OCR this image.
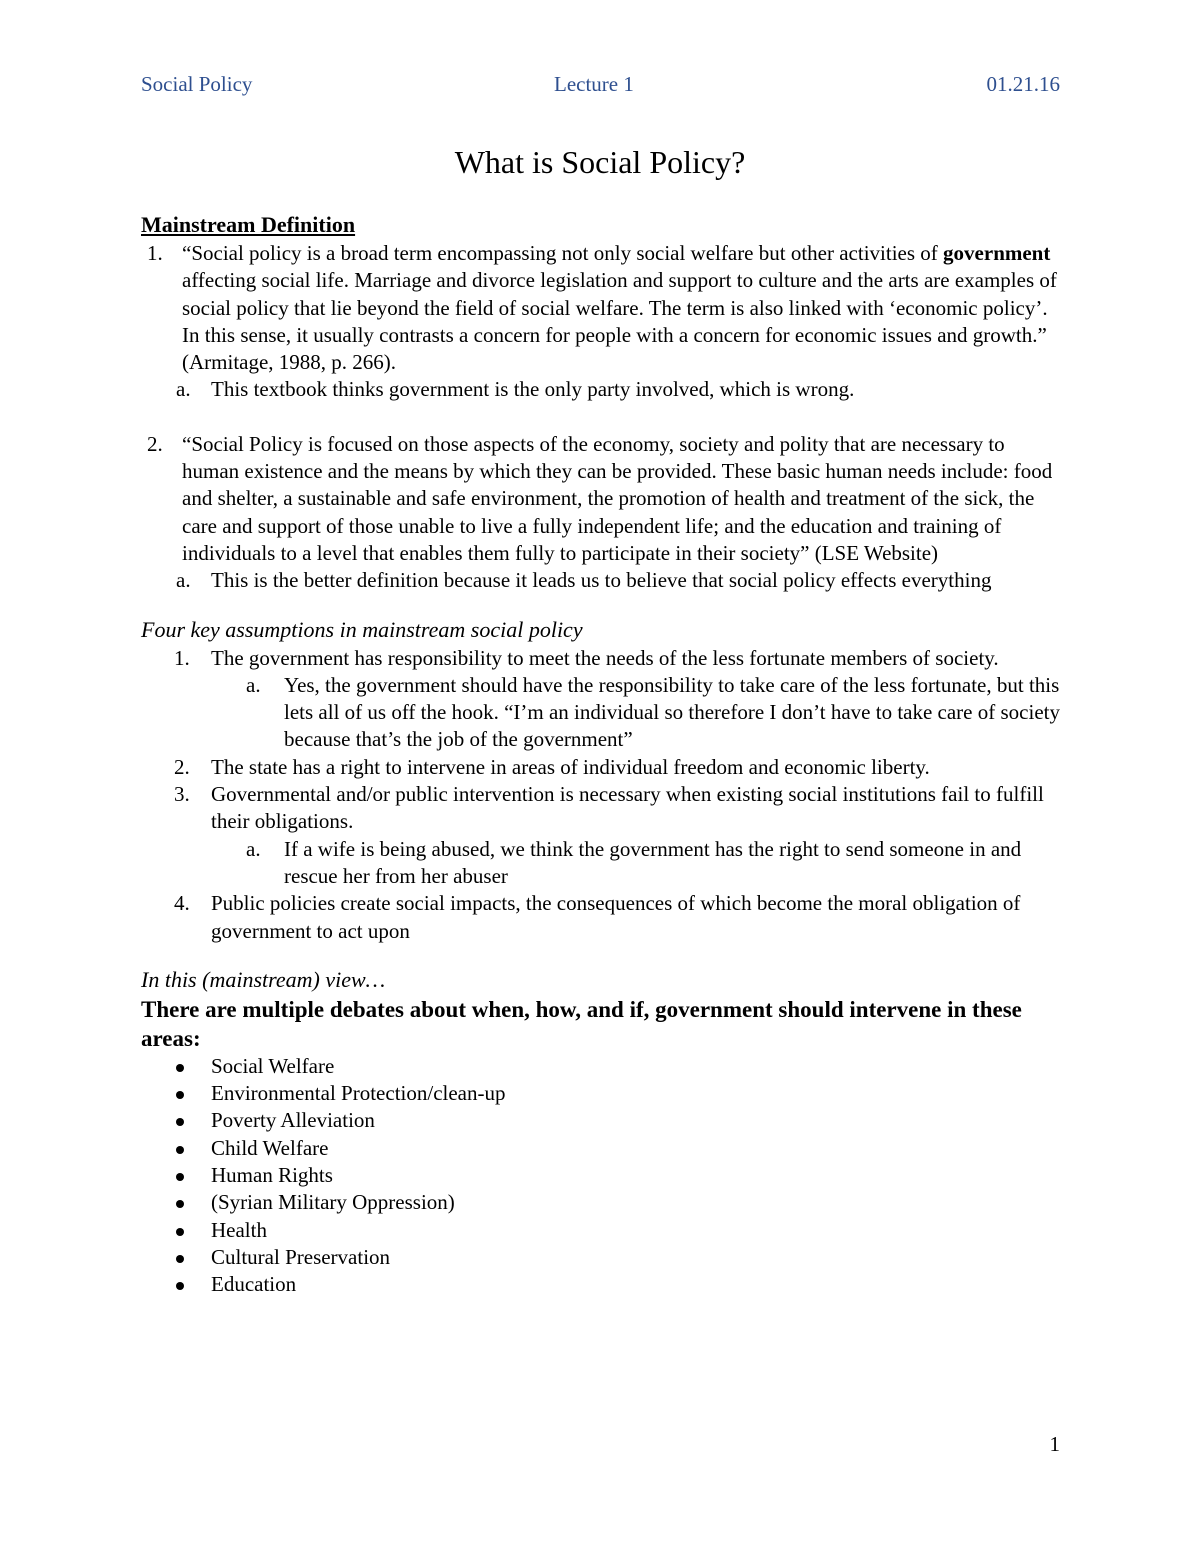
Social Policy	Lecture 1	01.21.16
What is Social Policy?

Mainstream Definition

1. “Social policy is a broad term encompassing not only social welfare but other activities of government affecting social life. Marriage and divorce legislation and support to culture and the arts are examples of social policy that lie beyond the field of social welfare. The term is also linked with ‘economic policy’. In this sense, it usually contrasts a concern for people with a concern for economic issues and growth.” (Armitage, 1988, p. 266).
a. This textbook thinks government is the only party involved, which is wrong.
2. “Social Policy is focused on those aspects of the economy, society and polity that are necessary to human existence and the means by which they can be provided. These basic human needs include: food and shelter, a sustainable and safe environment, the promotion of health and treatment of the sick, the care and support of those unable to live a fully independent life; and the education and training of individuals to a level that enables them fully to participate in their society” (LSE Website)
a. This is the better definition because it leads us to believe that social policy effects everything

Four key assumptions in mainstream social policy

1. The government has responsibility to meet the needs of the less fortunate members of society.
a. Yes, the government should have the responsibility to take care of the less fortunate, but this lets all of us off the hook. “I’m an individual so therefore I don’t have to take care of society because that’s the job of the government”
2. The state has a right to intervene in areas of individual freedom and economic liberty.
3. Governmental and/or public intervention is necessary when existing social institutions fail to fulfill their obligations.
a. If a wife is being abused, we think the government has the right to send someone in and rescue her from her abuser
4. Public policies create social impacts, the consequences of which become the moral obligation of government to act upon

In this (mainstream) view…

There are multiple debates about when, how, and if, government should intervene in these areas:

Social Welfare
Environmental Protection/clean-up
Poverty Alleviation
Child Welfare
Human Rights
(Syrian Military Oppression)
Health
Cultural Preservation
Education
1
